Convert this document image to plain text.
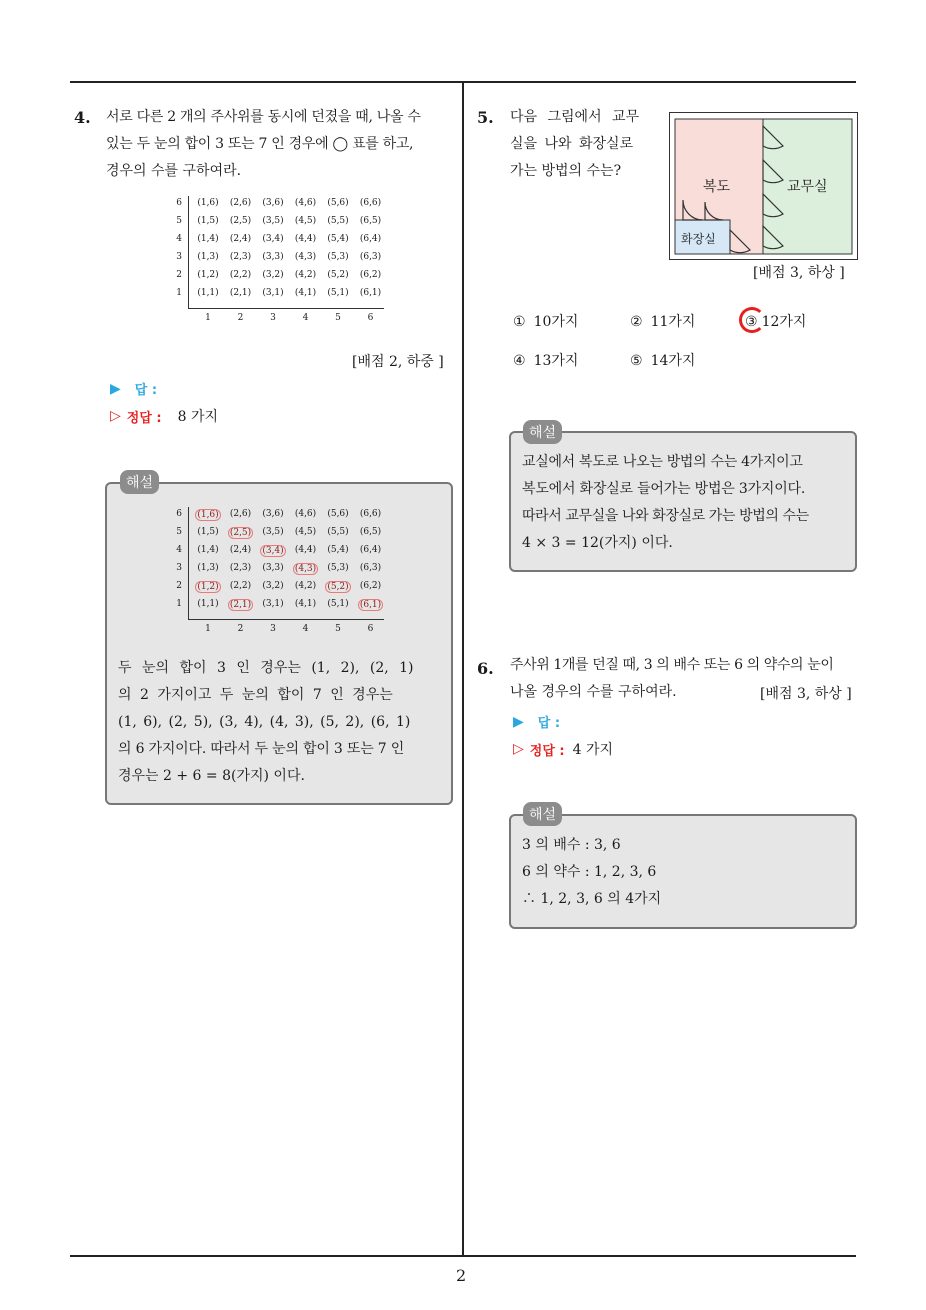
4. 서로 다른 2 개의 주사위를 동시에 던졌을 때, 나올 수

있는 두 눈의 합이 3 또는 7 인 경우에 ◯ 표를 하고,

경우의 수를 구하여라.

6	(1,6)	(2,6)	(3,6)	(4,6)	(5,6)	(6,6)
5	(1,5)	(2,5)	(3,5)	(4,5)	(5,5)	(6,5)
4	(1,4)	(2,4)	(3,4)	(4,4)	(5,4)	(6,4)
3	(1,3)	(2,3)	(3,3)	(4,3)	(5,3)	(6,3)
2	(1,2)	(2,2)	(3,2)	(4,2)	(5,2)	(6,2)
1	(1,1)	(2,1)	(3,1)	(4,1)	(5,1)	(6,1)
1	2	3	4	5	6
[배점 2, 하중 ]
▶ 답 :
▷ 정답 : 8 가지
해설
6	(1,6)	(2,6)	(3,6)	(4,6)	(5,6)	(6,6)
5	(1,5)	(2,5)	(3,5)	(4,5)	(5,5)	(6,5)
4	(1,4)	(2,4)	(3,4)	(4,4)	(5,4)	(6,4)
3	(1,3)	(2,3)	(3,3)	(4,3)	(5,3)	(6,3)
2	(1,2)	(2,2)	(3,2)	(4,2)	(5,2)	(6,2)
1	(1,1)	(2,1)	(3,1)	(4,1)	(5,1)	(6,1)
1	2	3	4	5	6

두 눈의 합이 3 인 경우는 (1, 2), (2, 1)

의 2 가지이고 두 눈의 합이 7 인 경우는

(1, 6), (2, 5), (3, 4), (4, 3), (5, 2), (6, 1)

의 6 가지이다. 따라서 두 눈의 합이 3 또는 7 인

경우는 2 + 6 = 8(가지) 이다.

5. 다음 그림에서 교무

실을 나와 화장실로

가는 방법의 수는?

복도	교무실
화장실
[배점 3, 하상 ]
① 10가지	② 11가지	③ 12가지
④ 13가지	⑤ 14가지
해설

교실에서 복도로 나오는 방법의 수는 4가지이고

복도에서 화장실로 들어가는 방법은 3가지이다.

따라서 교무실을 나와 화장실로 가는 방법의 수는

4 × 3 = 12(가지) 이다.

6. 주사위 1개를 던질 때, 3 의 배수 또는 6 의 약수의 눈이

나올 경우의 수를 구하여라.	[배점 3, 하상 ]
▶ 답 :
▷ 정답 : 4 가지
해설

3 의 배수 : 3, 6

6 의 약수 : 1, 2, 3, 6

∴ 1, 2, 3, 6 의 4가지

2
